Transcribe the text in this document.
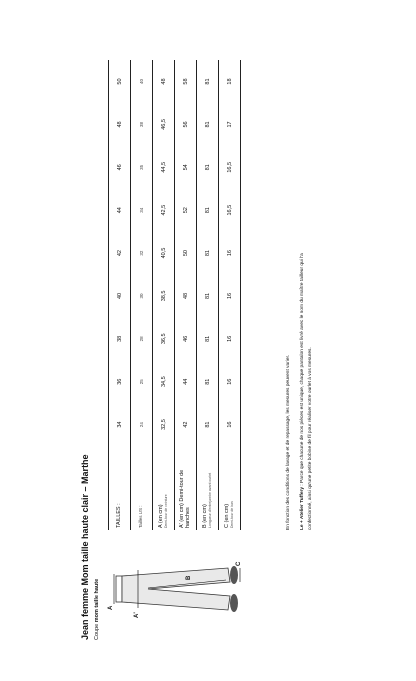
Jean femme Mom taille haute clair – Marthe Coupe mom taille haute A
A'
B
C
TAILLES :	34	36	38	40	42	44	46	48	50
Tailles US :	24	25	28	30	32	34	35	38	40
A (en cm) Demi-tour de ceinture	32,5	34,5	36,5	38,5	40,5	42,5	44,5	46,5	48
A' (en cm) Demi-tour de hanches	42	44	46	48	50	52	54	56	58
B (en cm) Longueur d'entrejambe avant ourlet	81	81	81	81	81	81	81	81	81
C (en cm) Demi-tour de bas	16	16	16	16	16	16,5	16,5	17	18
En fonction des conditions de lavage et de repassage, les mesures peuvent varier. Le + Atelier Tuffery : Parce que chacune de nos pièces est unique, chaque pantalon est livré avec le nom du maître tailleur qui l'a confectionné, ainsi qu'une petite bobine de fil pour réaliser votre ourlet à vos mesures.
